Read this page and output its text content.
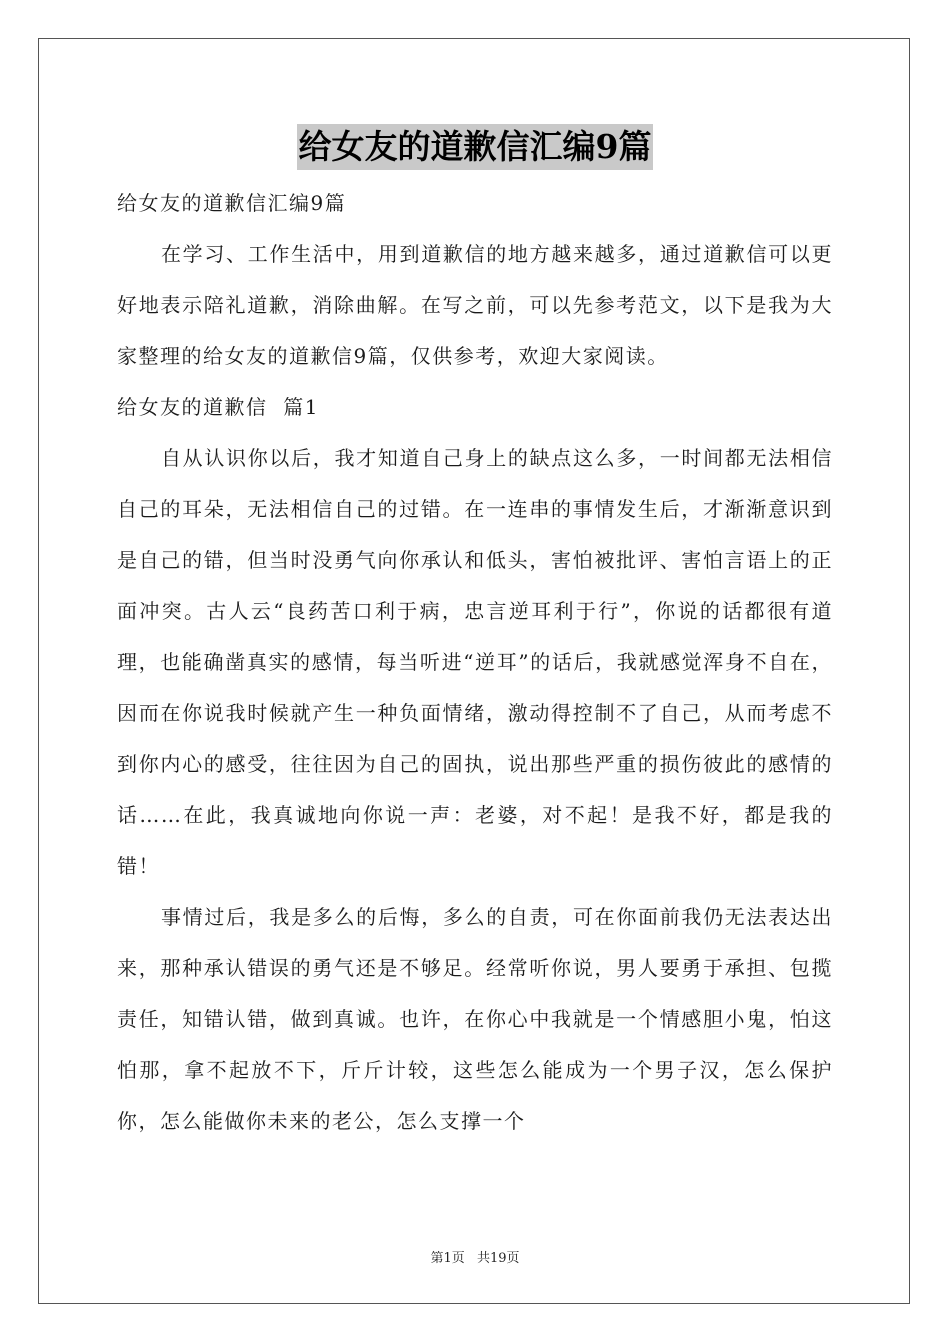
给女友的道歉信汇编9篇

给女友的道歉信汇编9篇

在学习、工作生活中，用到道歉信的地方越来越多，通过道歉信可以更好地表示陪礼道歉，消除曲解。在写之前，可以先参考范文，以下是我为大家整理的给女友的道歉信9篇，仅供参考，欢迎大家阅读。

给女友的道歉信  篇1

自从认识你以后，我才知道自己身上的缺点这么多，一时间都无法相信自己的耳朵，无法相信自己的过错。在一连串的事情发生后，才渐渐意识到是自己的错，但当时没勇气向你承认和低头，害怕被批评、害怕言语上的正面冲突。古人云“良药苦口利于病，忠言逆耳利于行”，你说的话都很有道理，也能确凿真实的感情，每当听进“逆耳”的话后，我就感觉浑身不自在，因而在你说我时候就产生一种负面情绪，激动得控制不了自己，从而考虑不到你内心的感受，往往因为自己的固执，说出那些严重的损伤彼此的感情的话……在此，我真诚地向你说一声：老婆，对不起！是我不好，都是我的错！

事情过后，我是多么的后悔，多么的自责，可在你面前我仍无法表达出来，那种承认错误的勇气还是不够足。经常听你说，男人要勇于承担、包揽责任，知错认错，做到真诚。也许，在你心中我就是一个情感胆小鬼，怕这怕那，拿不起放不下，斤斤计较，这些怎么能成为一个男子汉，怎么保护你，怎么能做你未来的老公，怎么支撑一个

第1页 共19页
